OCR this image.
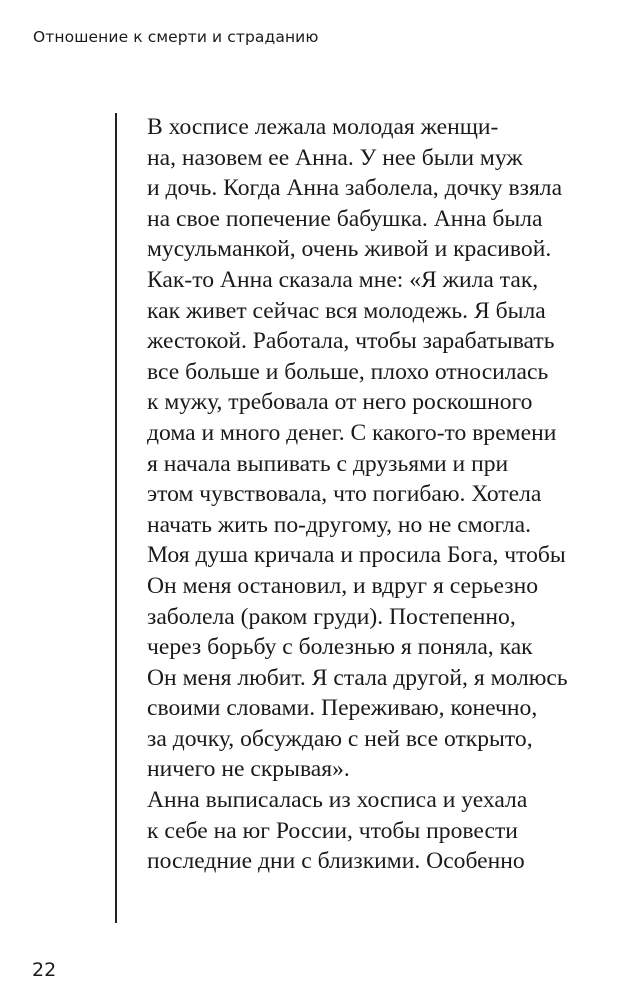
Отношение к смерти и страданию
В хосписе лежала молодая женщи-
на, назовем ее Анна. У нее были муж
и дочь. Когда Анна заболела, дочку взяла
на свое попечение бабушка. Анна была
мусульманкой, очень живой и красивой.
Как-то Анна сказала мне: «Я жила так,
как живет сейчас вся молодежь. Я была
жестокой. Работала, чтобы зарабатывать
все больше и больше, плохо относилась
к мужу, требовала от него роскошного
дома и много денег. С какого-то времени
я начала выпивать с друзьями и при
этом чувствовала, что погибаю. Хотела
начать жить по-другому, но не смогла.
Моя душа кричала и просила Бога, чтобы
Он меня остановил, и вдруг я серьезно
заболела (раком груди). Постепенно,
через борьбу с болезнью я поняла, как
Он меня любит. Я стала другой, я молюсь
своими словами. Переживаю, конечно,
за дочку, обсуждаю с ней все открыто,
ничего не скрывая».
Анна выписалась из хосписа и уехала
к себе на юг России, чтобы провести
последние дни с близкими. Особенно
22
